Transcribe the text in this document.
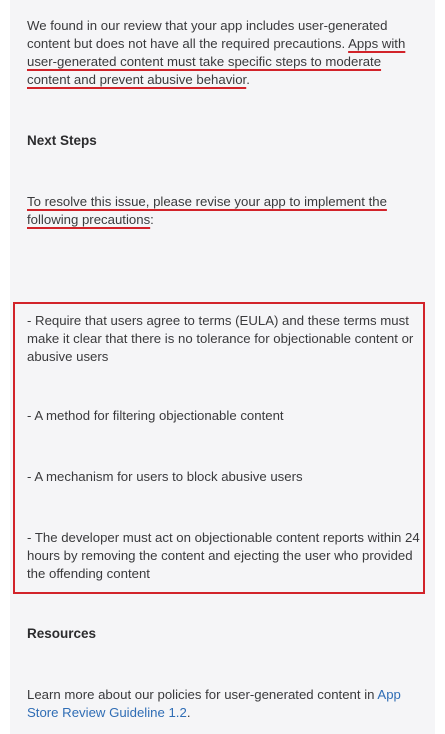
We found in our review that your app includes user-generated content but does not have all the required precautions. Apps with user-generated content must take specific steps to moderate content and prevent abusive behavior.

Next Steps

To resolve this issue, please revise your app to implement the following precautions:

- Require that users agree to terms (EULA) and these terms must make it clear that there is no tolerance for objectionable content or abusive users

- A method for filtering objectionable content

- A mechanism for users to block abusive users

- The developer must act on objectionable content reports within 24 hours by removing the content and ejecting the user who provided the offending content

Resources

Learn more about our policies for user-generated content in App Store Review Guideline 1.2.
